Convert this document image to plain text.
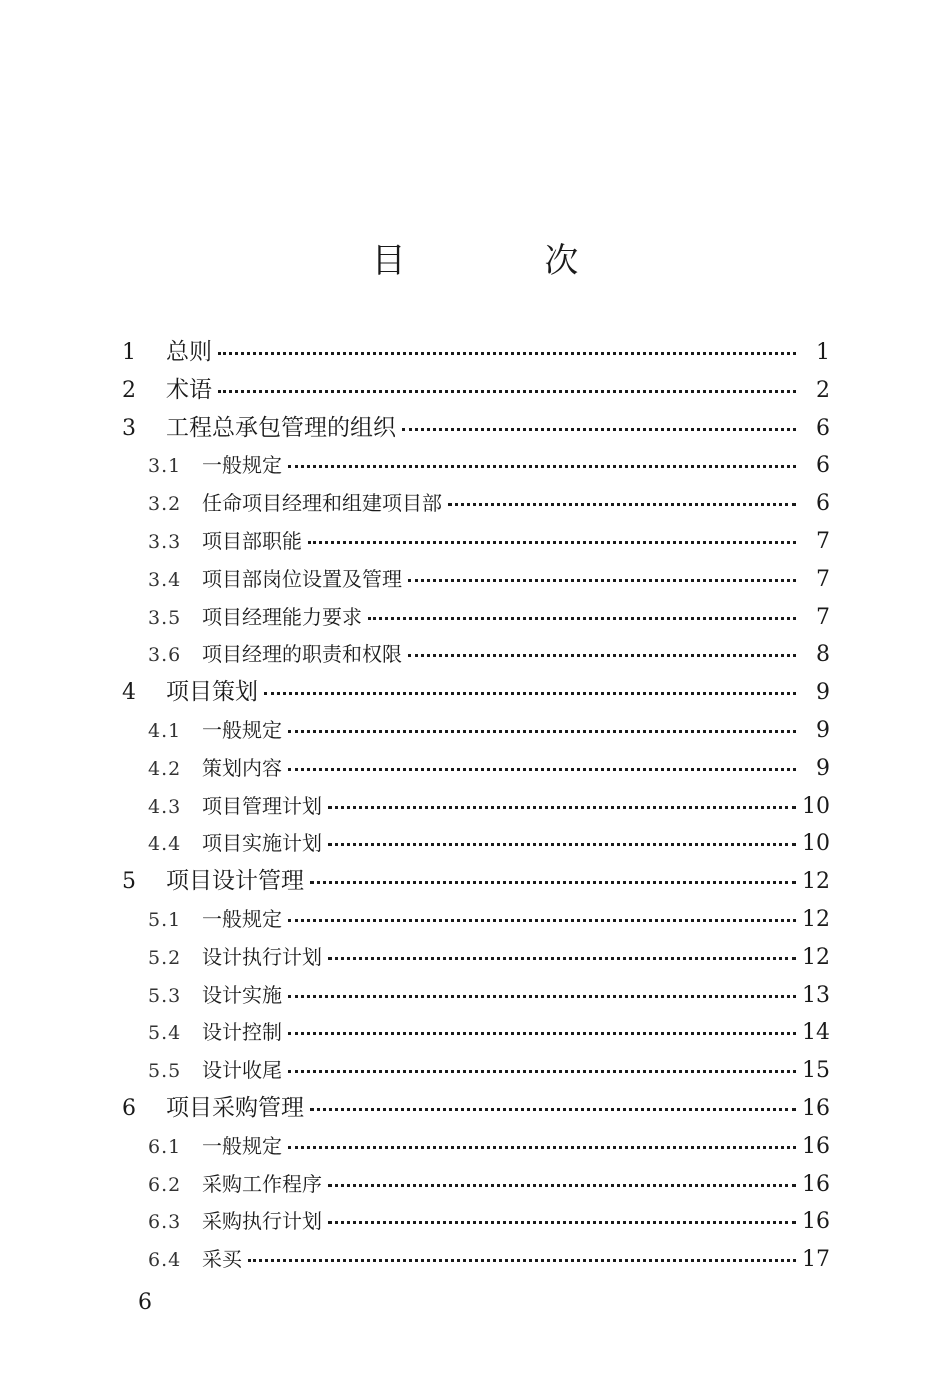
目 次
1	总则	1
2	术语	2
3	工程总承包管理的组织	6
3.1	一般规定	6
3.2	任命项目经理和组建项目部	6
3.3	项目部职能	7
3.4	项目部岗位设置及管理	7
3.5	项目经理能力要求	7
3.6	项目经理的职责和权限	8
4	项目策划	9
4.1	一般规定	9
4.2	策划内容	9
4.3	项目管理计划	10
4.4	项目实施计划	10
5	项目设计管理	12
5.1	一般规定	12
5.2	设计执行计划	12
5.3	设计实施	13
5.4	设计控制	14
5.5	设计收尾	15
6	项目采购管理	16
6.1	一般规定	16
6.2	采购工作程序	16
6.3	采购执行计划	16
6.4	采买	17
6
